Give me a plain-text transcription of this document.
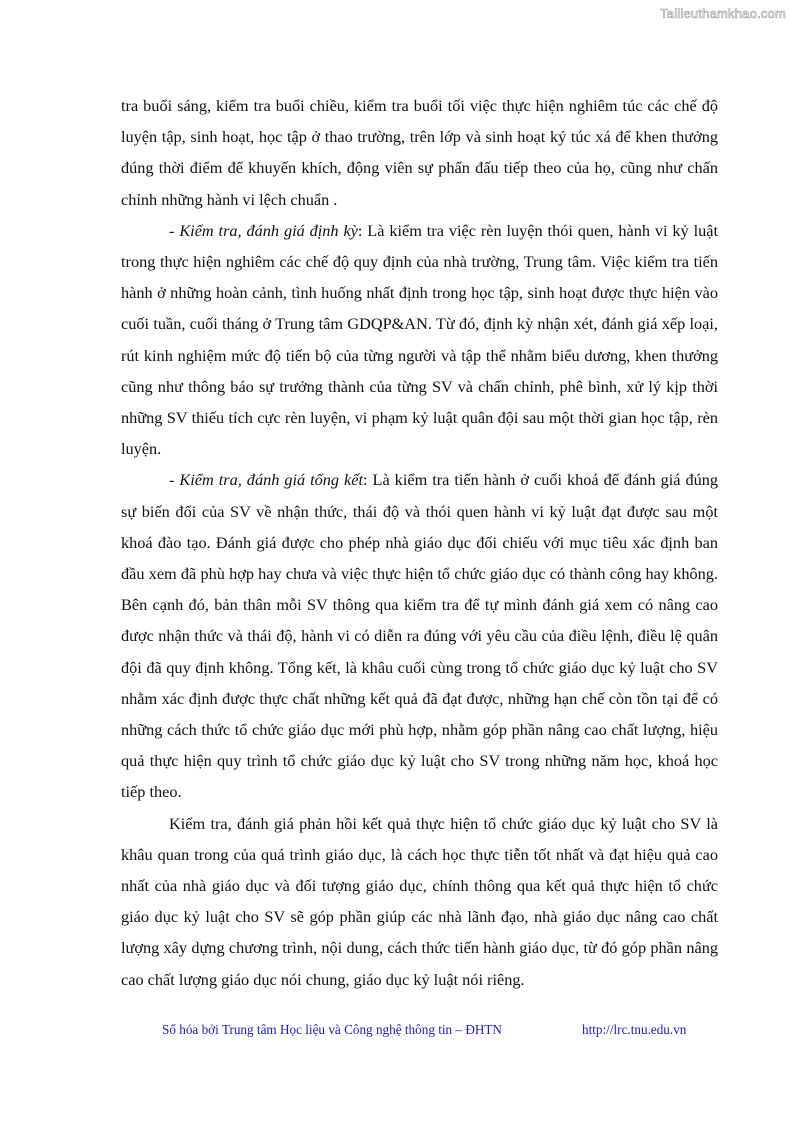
Tailieuthamkhao.com

tra buổi sáng, kiểm tra buổi chiều, kiểm tra buổi tối việc thực hiện nghiêm túc các chế độ luyện tập, sinh hoạt, học tập ở thao trường, trên lớp và sinh hoạt ký túc xá để khen thưởng đúng thời điểm để khuyến khích, động viên sự phấn đấu tiếp theo của họ, cũng như chấn chỉnh những hành vi lệch chuẩn .

- Kiểm tra, đánh giá định kỳ: Là kiểm tra việc rèn luyện thói quen, hành vi kỷ luật trong thực hiện nghiêm các chế độ quy định của nhà trường, Trung tâm. Việc kiểm tra tiến hành ở những hoàn cảnh, tình huống nhất định trong học tập, sinh hoạt được thực hiện vào cuối tuần, cuối tháng ở Trung tâm GDQP&AN. Từ đó, định kỳ nhận xét, đánh giá xếp loại, rút kinh nghiệm mức độ tiến bộ của từng người và tập thể nhằm biểu dương, khen thưởng cũng như thông báo sự trưởng thành của từng SV và chấn chỉnh, phê bình, xử lý kịp thời những SV thiếu tích cực rèn luyện, vi phạm kỷ luật quân đội sau một thời gian học tập, rèn luyện.

- Kiểm tra, đánh giá tổng kết: Là kiểm tra tiến hành ở cuối khoá để đánh giá đúng sự biến đổi của SV về nhận thức, thái độ và thói quen hành vi kỷ luật đạt được sau một khoá đào tạo. Đánh giá được cho phép nhà giáo dục đối chiếu với mục tiêu xác định ban đầu xem đã phù hợp hay chưa và việc thực hiện tổ chức giáo dục có thành công hay không. Bên cạnh đó, bản thân mỗi SV thông qua kiểm tra để tự mình đánh giá xem có nâng cao được nhận thức và thái độ, hành vi có diễn ra đúng với yêu cầu của điều lệnh, điều lệ quân đội đã quy định không. Tổng kết, là khâu cuối cùng trong tổ chức giáo dục kỷ luật cho SV nhằm xác định được thực chất những kết quả đã đạt được, những hạn chế còn tồn tại để có những cách thức tổ chức giáo dục mới phù hợp, nhằm góp phần nâng cao chất lượng, hiệu quả thực hiện quy trình tổ chức giáo dục kỷ luật cho SV trong những năm học, khoá học tiếp theo.

Kiểm tra, đánh giá phản hồi kết quả thực hiện tổ chức giáo dục kỷ luật cho SV là khâu quan trong của quá trình giáo dục, là cách học thực tiễn tốt nhất và đạt hiệu quả cao nhất của nhà giáo dục và đối tượng giáo dục, chính thông qua kết quả thực hiện tổ chức giáo dục kỷ luật cho SV sẽ góp phần giúp các nhà lãnh đạo, nhà giáo dục nâng cao chất lượng xây dựng chương trình, nội dung, cách thức tiến hành giáo dục, từ đó góp phần nâng cao chất lượng giáo dục nói chung, giáo dục kỷ luật nói riêng.

Số hóa bởi Trung tâm Học liệu và Công nghệ thông tin – ĐHTN	http://lrc.tnu.edu.vn
